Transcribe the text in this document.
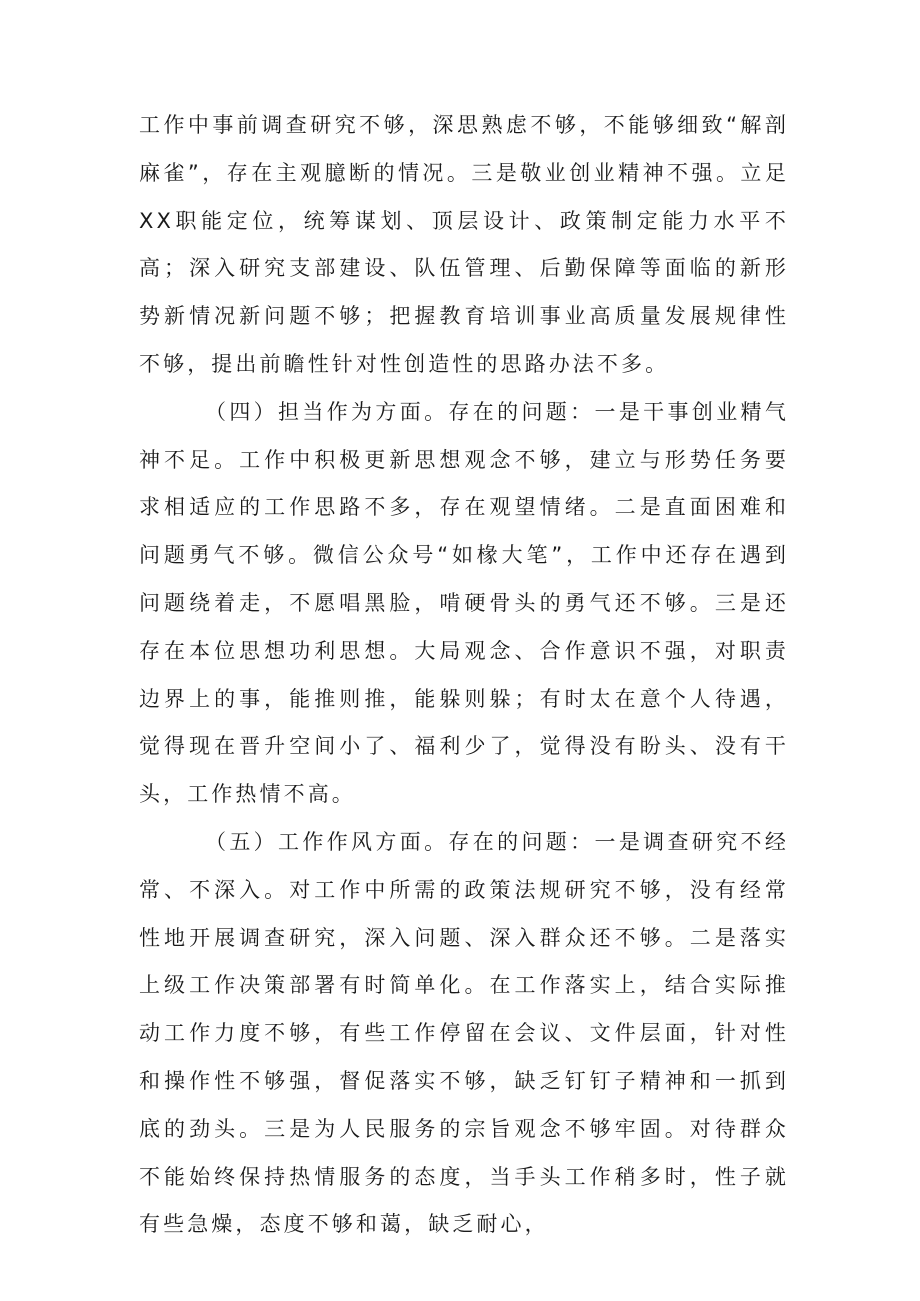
工作中事前调查研究不够，深思熟虑不够，不能够细致“解剖麻雀”，存在主观臆断的情况。三是敬业创业精神不强。立足XX职能定位，统筹谋划、顶层设计、政策制定能力水平不高；深入研究支部建设、队伍管理、后勤保障等面临的新形势新情况新问题不够；把握教育培训事业高质量发展规律性不够，提出前瞻性针对性创造性的思路办法不多。

（四）担当作为方面。存在的问题：一是干事创业精气神不足。工作中积极更新思想观念不够，建立与形势任务要求相适应的工作思路不多，存在观望情绪。二是直面困难和问题勇气不够。微信公众号“如椽大笔”，工作中还存在遇到问题绕着走，不愿唱黑脸，啃硬骨头的勇气还不够。三是还存在本位思想功利思想。大局观念、合作意识不强，对职责边界上的事，能推则推，能躲则躲；有时太在意个人待遇，觉得现在晋升空间小了、福利少了，觉得没有盼头、没有干头，工作热情不高。

（五）工作作风方面。存在的问题：一是调查研究不经常、不深入。对工作中所需的政策法规研究不够，没有经常性地开展调查研究，深入问题、深入群众还不够。二是落实上级工作决策部署有时简单化。在工作落实上，结合实际推动工作力度不够，有些工作停留在会议、文件层面，针对性和操作性不够强，督促落实不够，缺乏钉钉子精神和一抓到底的劲头。三是为人民服务的宗旨观念不够牢固。对待群众不能始终保持热情服务的态度，当手头工作稍多时，性子就有些急燥，态度不够和蔼，缺乏耐心，
